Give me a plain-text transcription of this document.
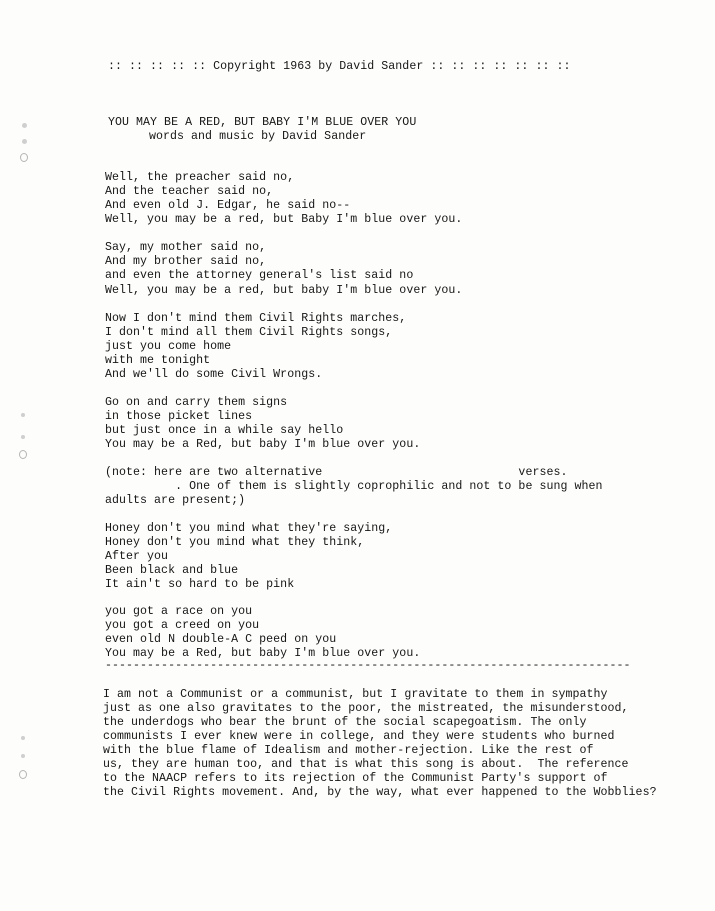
:: :: :: :: :: Copyright 1963 by David Sander :: :: :: :: :: :: ::
YOU MAY BE A RED, BUT BABY I'M BLUE OVER YOU
words and music by David Sander
Well, the preacher said no,
And the teacher said no,
And even old J. Edgar, he said no--
Well, you may be a red, but Baby I'm blue over you.
Say, my mother said no,
And my brother said no,
and even the attorney general's list said no
Well, you may be a red, but baby I'm blue over you.
Now I don't mind them Civil Rights marches,
I don't mind all them Civil Rights songs,
just you come home
with me tonight
And we'll do some Civil Wrongs.
Go on and carry them signs
in those picket lines
but just once in a while say hello
You may be a Red, but baby I'm blue over you.
(note: here are two alternative                            verses.
. One of them is slightly coprophilic and not to be sung when
adults are present;)
Honey don't you mind what they're saying,
Honey don't you mind what they think,
After you
Been black and blue
It ain't so hard to be pink
you got a race on you
you got a creed on you
even old N double-A C peed on you
You may be a Red, but baby I'm blue over you.
---------------------------------------------------------------------------
I am not a Communist or a communist, but I gravitate to them in sympathy
just as one also gravitates to the poor, the mistreated, the misunderstood,
the underdogs who bear the brunt of the social scapegoatism. The only
communists I ever knew were in college, and they were students who burned
with the blue flame of Idealism and mother-rejection. Like the rest of
us, they are human too, and that is what this song is about.  The reference
to the NAACP refers to its rejection of the Communist Party's support of
the Civil Rights movement. And, by the way, what ever happened to the Wobblies?
